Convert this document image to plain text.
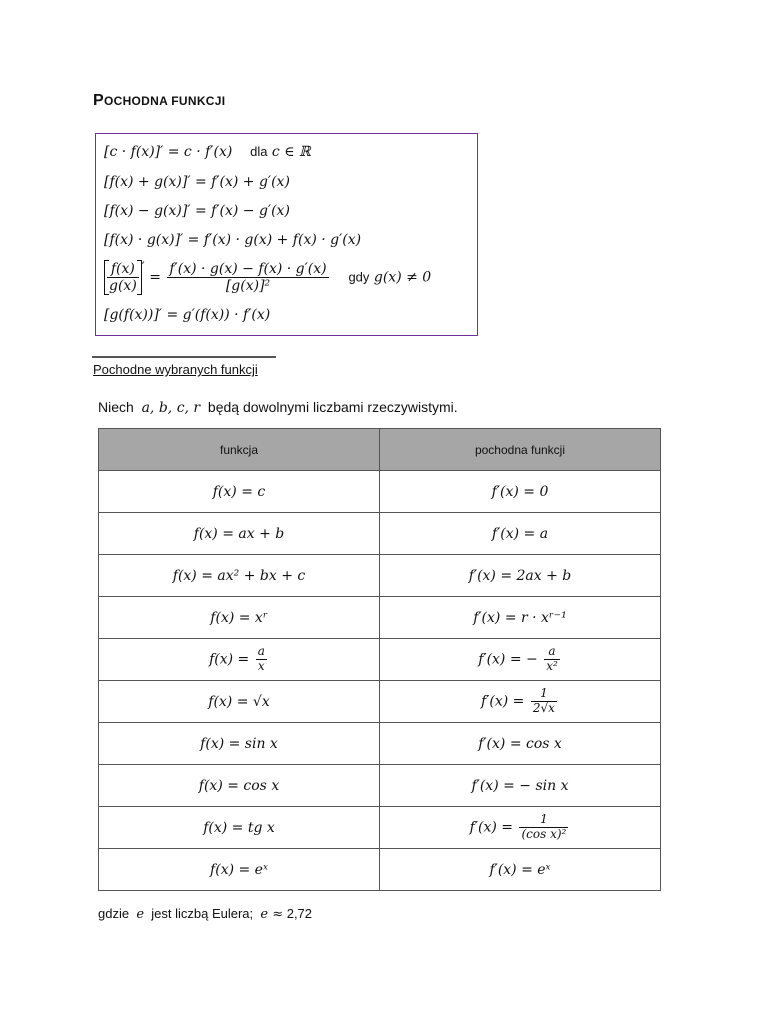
POCHODNA FUNKCJI
[c · f(x)]′ = c · f′(x) dla c ∈ ℝ
[f(x) + g(x)]′ = f′(x) + g′(x)
[f(x) − g(x)]′ = f′(x) − g′(x)
[f(x) · g(x)]′ = f′(x) · g(x) + f(x) · g′(x)
$\frac{f(x)}{g(x)}$ ′ = $\frac{f'(x) \cdot g(x) - f(x) \cdot g'(x)}{\text{[g(x)]²}}$ gdy g(x) ≠ 0
[g(f(x))]′ = g′(f(x)) · f′(x)
Pochodne wybranych funkcji
Niech a, b, c, r będą dowolnymi liczbami rzeczywistymi.
funkcja	pochodna funkcji
f(x) = c	f′(x) = 0
f(x) = ax + b	f′(x) = a
f(x) = ax² + bx + c	f′(x) = 2ax + b
f(x) = xʳ	f′(x) = r · xʳ⁻¹
$f(x) = \frac{a}{x}$	f′(x) = − $\frac{a}{\text{x²}}$

f(x) = √x	$f'(x) = \frac{1}{2√x}$

f(x) = sin x	f′(x) = cos x
f(x) = cos x	f′(x) = − sin x
f(x) = tg x	$f'(x) = \frac{1}{\text{(cos x)²}}$

f(x) = eˣ	f′(x) = eˣ
gdzie e jest liczbą Eulera; e ≈ 2,72
